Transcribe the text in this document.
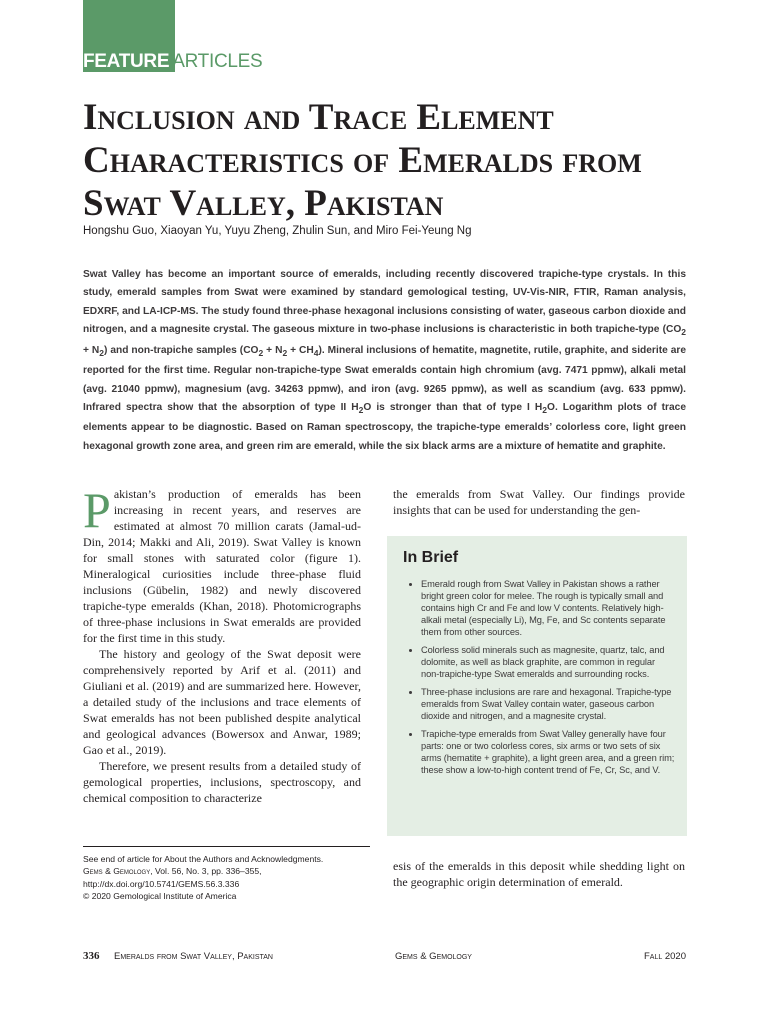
FEATURE ARTICLES
Inclusion and Trace Element Characteristics of Emeralds from Swat Valley, Pakistan
Hongshu Guo, Xiaoyan Yu, Yuyu Zheng, Zhulin Sun, and Miro Fei-Yeung Ng

Swat Valley has become an important source of emeralds, including recently discovered trapiche-type crystals. In this study, emerald samples from Swat were examined by standard gemological testing, UV-Vis-NIR, FTIR, Raman analysis, EDXRF, and LA-ICP-MS. The study found three-phase hexagonal inclusions consisting of water, gaseous carbon dioxide and nitrogen, and a magnesite crystal. The gaseous mixture in two-phase inclusions is characteristic in both trapiche-type $(CO_2 + N_2)$ and non-trapiche samples $(CO_2 + N_2 + CH_4)$. Mineral inclusions of hematite, magnetite, rutile, graphite, and siderite are reported for the first time. Regular non-trapiche-type Swat emeralds contain high chromium (avg. 7471 ppmw), alkali metal (avg. 21040 ppmw), magnesium (avg. 34263 ppmw), and iron (avg. 9265 ppmw), as well as scandium (avg. 633 ppmw). Infrared spectra show that the absorption of type II $H_2O$ is stronger than that of type I $H_2O$. Logarithm plots of trace elements appear to be diagnostic. Based on Raman spectroscopy, the trapiche-type emeralds’ colorless core, light green hexagonal growth zone area, and green rim are emerald, while the six black arms are a mixture of hematite and graphite.

Pakistan’s production of emeralds has been increasing in recent years, and reserves are estimated at almost 70 million carats (Jamal-ud-Din, 2014; Makki and Ali, 2019). Swat Valley is known for small stones with saturated color (figure 1). Mineralogical curiosities include three-phase fluid inclusions (Gübelin, 1982) and newly discovered trapiche-type emeralds (Khan, 2018). Photomicrographs of three-phase inclusions in Swat emeralds are provided for the first time in this study.

The history and geology of the Swat deposit were comprehensively reported by Arif et al. (2011) and Giuliani et al. (2019) and are summarized here. However, a detailed study of the inclusions and trace elements of Swat emeralds has not been published despite analytical and geological advances (Bowersox and Anwar, 1989; Gao et al., 2019).

Therefore, we present results from a detailed study of gemological properties, inclusions, spectroscopy, and chemical composition to characterize

the emeralds from Swat Valley. Our findings provide insights that can be used for understanding the gen-

In Brief
• Emerald rough from Swat Valley in Pakistan shows a rather bright green color for melee. The rough is typically small and contains high Cr and Fe and low V contents. Relatively high-alkali metal (especially Li), Mg, Fe, and Sc contents separate them from other sources.
• Colorless solid minerals such as magnesite, quartz, talc, and dolomite, as well as black graphite, are common in regular non-trapiche-type Swat emeralds and surrounding rocks.
• Three-phase inclusions are rare and hexagonal. Trapiche-type emeralds from Swat Valley contain water, gaseous carbon dioxide and nitrogen, and a magnesite crystal.
• Trapiche-type emeralds from Swat Valley generally have four parts: one or two colorless cores, six arms or two sets of six arms (hematite + graphite), a light green area, and a green rim; these show a low-to-high content trend of Fe, Cr, Sc, and V.

esis of the emeralds in this deposit while shedding light on the geographic origin determination of emerald.

See end of article for About the Authors and Acknowledgments.
Gems & Gemology, Vol. 56, No. 3, pp. 336–355,
http://dx.doi.org/10.5741/GEMS.56.3.336
© 2020 Gemological Institute of America
336 Emeralds from Swat Valley, Pakistan	Gems & Gemology	Fall 2020
